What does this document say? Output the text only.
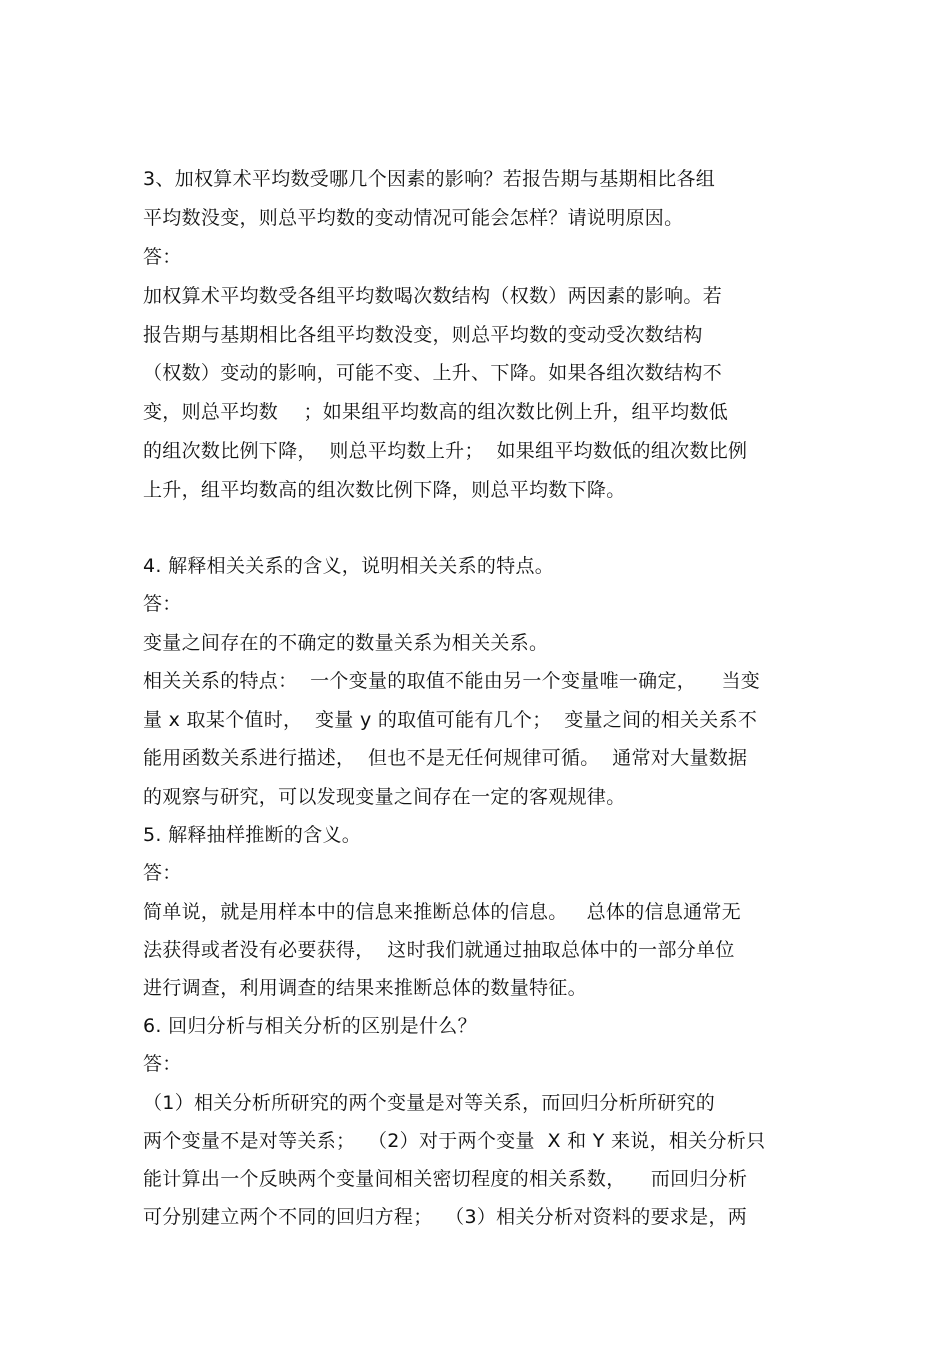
3、加权算术平均数受哪几个因素的影响？若报告期与基期相比各组
平均数没变，则总平均数的变动情况可能会怎样？请说明原因。
答：
加权算术平均数受各组平均数喝次数结构（权数）两因素的影响。若
报告期与基期相比各组平均数没变，则总平均数的变动受次数结构
（权数）变动的影响，可能不变、上升、下降。如果各组次数结构不
变，则总平均数    ；如果组平均数高的组次数比例上升，组平均数低
的组次数比例下降，  则总平均数上升；  如果组平均数低的组次数比例
上升，组平均数高的组次数比例下降，则总平均数下降。
4. 解释相关关系的含义，说明相关关系的特点。
答：
变量之间存在的不确定的数量关系为相关关系。
相关关系的特点：  一个变量的取值不能由另一个变量唯一确定，    当变
量 x 取某个值时，  变量 y 的取值可能有几个；  变量之间的相关关系不
能用函数关系进行描述，  但也不是无任何规律可循。  通常对大量数据
的观察与研究，可以发现变量之间存在一定的客观规律。
5. 解释抽样推断的含义。
答：
简单说，就是用样本中的信息来推断总体的信息。   总体的信息通常无
法获得或者没有必要获得，  这时我们就通过抽取总体中的一部分单位
进行调查，利用调查的结果来推断总体的数量特征。
6. 回归分析与相关分析的区别是什么？
答：
（1）相关分析所研究的两个变量是对等关系，而回归分析所研究的
两个变量不是对等关系；  （2）对于两个变量  X 和 Y 来说，相关分析只
能计算出一个反映两个变量间相关密切程度的相关系数，    而回归分析
可分别建立两个不同的回归方程；  （3）相关分析对资料的要求是，两
